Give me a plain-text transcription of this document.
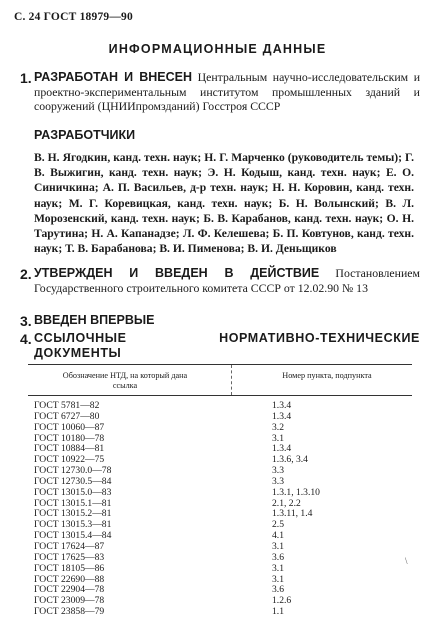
С. 24 ГОСТ 18979—90
ИНФОРМАЦИОННЫЕ ДАННЫЕ
1. РАЗРАБОТАН И ВНЕСЕН Центральным научно-исследовательским и проектно-экспериментальным институтом промышленных зданий и сооружений (ЦНИИпромзданий) Госстроя СССР
РАЗРАБОТЧИКИ
В. Н. Ягодкин, канд. техн. наук; Н. Г. Марченко (руководитель темы); Г. В. Выжигин, канд. техн. наук; Э. Н. Кодыш, канд. техн. наук; Е. О. Синичкина; А. П. Васильев, д-р техн. наук; Н. Н. Коровин, канд. техн. наук; М. Г. Коревицкая, канд. техн. наук; Б. Н. Волынский; В. Л. Морозенский, канд. техн. наук; Б. В. Карабанов, канд. техн. наук; О. Н. Тарутина; Н. А. Капанадзе; Л. Ф. Келешева; Б. П. Ковтунов, канд. техн. наук; Т. В. Барабанова; В. И. Пименова; В. И. Деньщиков
2. УТВЕРЖДЕН И ВВЕДЕН В ДЕЙСТВИЕ Постановлением Государственного строительного комитета СССР от 12.02.90 № 13
3. ВВЕДЕН ВПЕРВЫЕ
4. ССЫЛОЧНЫЕ НОРМАТИВНО-ТЕХНИЧЕСКИЕ ДОКУМЕНТЫ
Обозначение НТД, на который дана ссылка
Номер пункта, подпункта
ГОСТ 5781—82	1.3.4
ГОСТ 6727—80	1.3.4
ГОСТ 10060—87	3.2
ГОСТ 10180—78	3.1
ГОСТ 10884—81	1.3.4
ГОСТ 10922—75	1.3.6, 3.4
ГОСТ 12730.0—78	3.3
ГОСТ 12730.5—84	3.3
ГОСТ 13015.0—83	1.3.1, 1.3.10
ГОСТ 13015.1—81	2.1, 2.2
ГОСТ 13015.2—81	1.3.11, 1.4
ГОСТ 13015.3—81	2.5
ГОСТ 13015.4—84	4.1
ГОСТ 17624—87	3.1
ГОСТ 17625—83	3.6
ГОСТ 18105—86	3.1
ГОСТ 22690—88	3.1
ГОСТ 22904—78	3.6
ГОСТ 23009—78	1.2.6
ГОСТ 23858—79	1.1
\
